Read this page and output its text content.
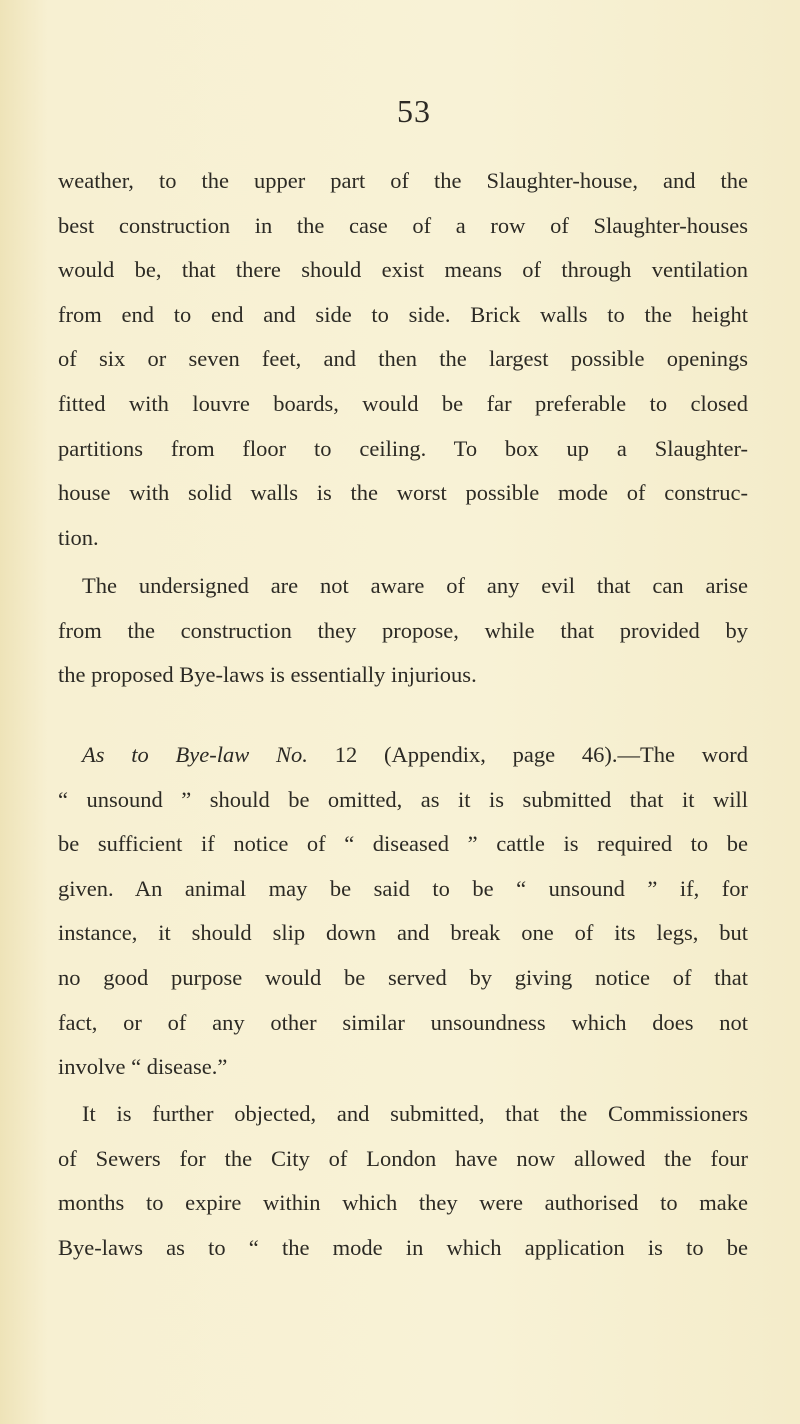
53
weather, to the upper part of the Slaughter-house, and the
best construction in the case of a row of Slaughter-houses
would be, that there should exist means of through ventilation
from end to end and side to side. Brick walls to the height
of six or seven feet, and then the largest possible openings
fitted with louvre boards, would be far preferable to closed
partitions from floor to ceiling. To box up a Slaughter-
house with solid walls is the worst possible mode of construc-
tion.
The undersigned are not aware of any evil that can arise
from the construction they propose, while that provided by
the proposed Bye-laws is essentially injurious.
As to Bye-law No. 12 (Appendix, page 46).—The word
“ unsound ” should be omitted, as it is submitted that it will
be sufficient if notice of “ diseased ” cattle is required to be
given. An animal may be said to be “ unsound ” if, for
instance, it should slip down and break one of its legs, but
no good purpose would be served by giving notice of that
fact, or of any other similar unsoundness which does not
involve “ disease.”
It is further objected, and submitted, that the Commissioners
of Sewers for the City of London have now allowed the four
months to expire within which they were authorised to make
Bye-laws as to “ the mode in which application is to be
